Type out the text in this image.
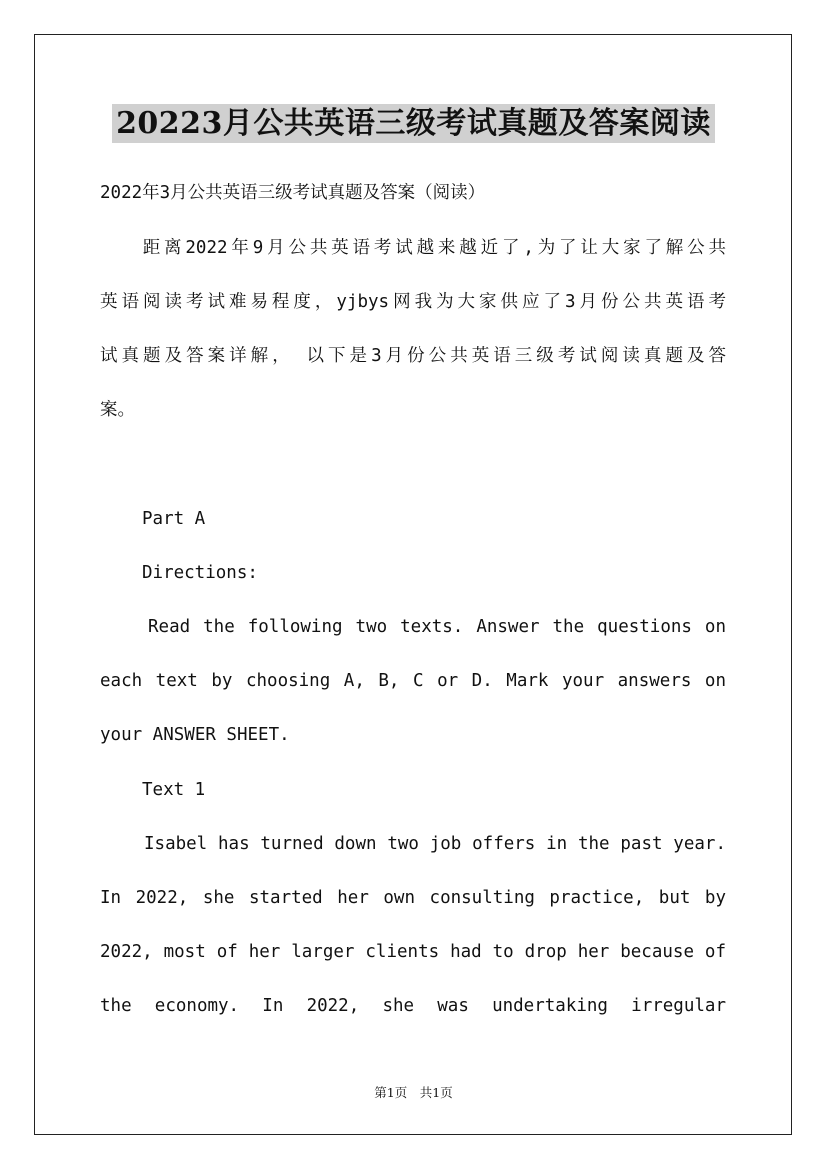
20223月公共英语三级考试真题及答案阅读
2022年3月公共英语三级考试真题及答案（阅读）
　　距离2022年9月公共英语考试越来越近了,为了让大家了解公共
英语阅读考试难易程度，yjbys网我为大家供应了3月份公共英语考
试真题及答案详解，　以下是3月份公共英语三级考试阅读真题及答
案。
Part A
Directions:
Read the following two texts. Answer the questions on
each text by choosing A, B, C or D. Mark your answers on
your ANSWER SHEET.
Text 1
Isabel has turned down two job offers in the past year.
In 2022, she started her own consulting practice, but by
2022, most of her larger clients had to drop her because of
the economy. In 2022, she was undertaking irregular
第1页　共1页
